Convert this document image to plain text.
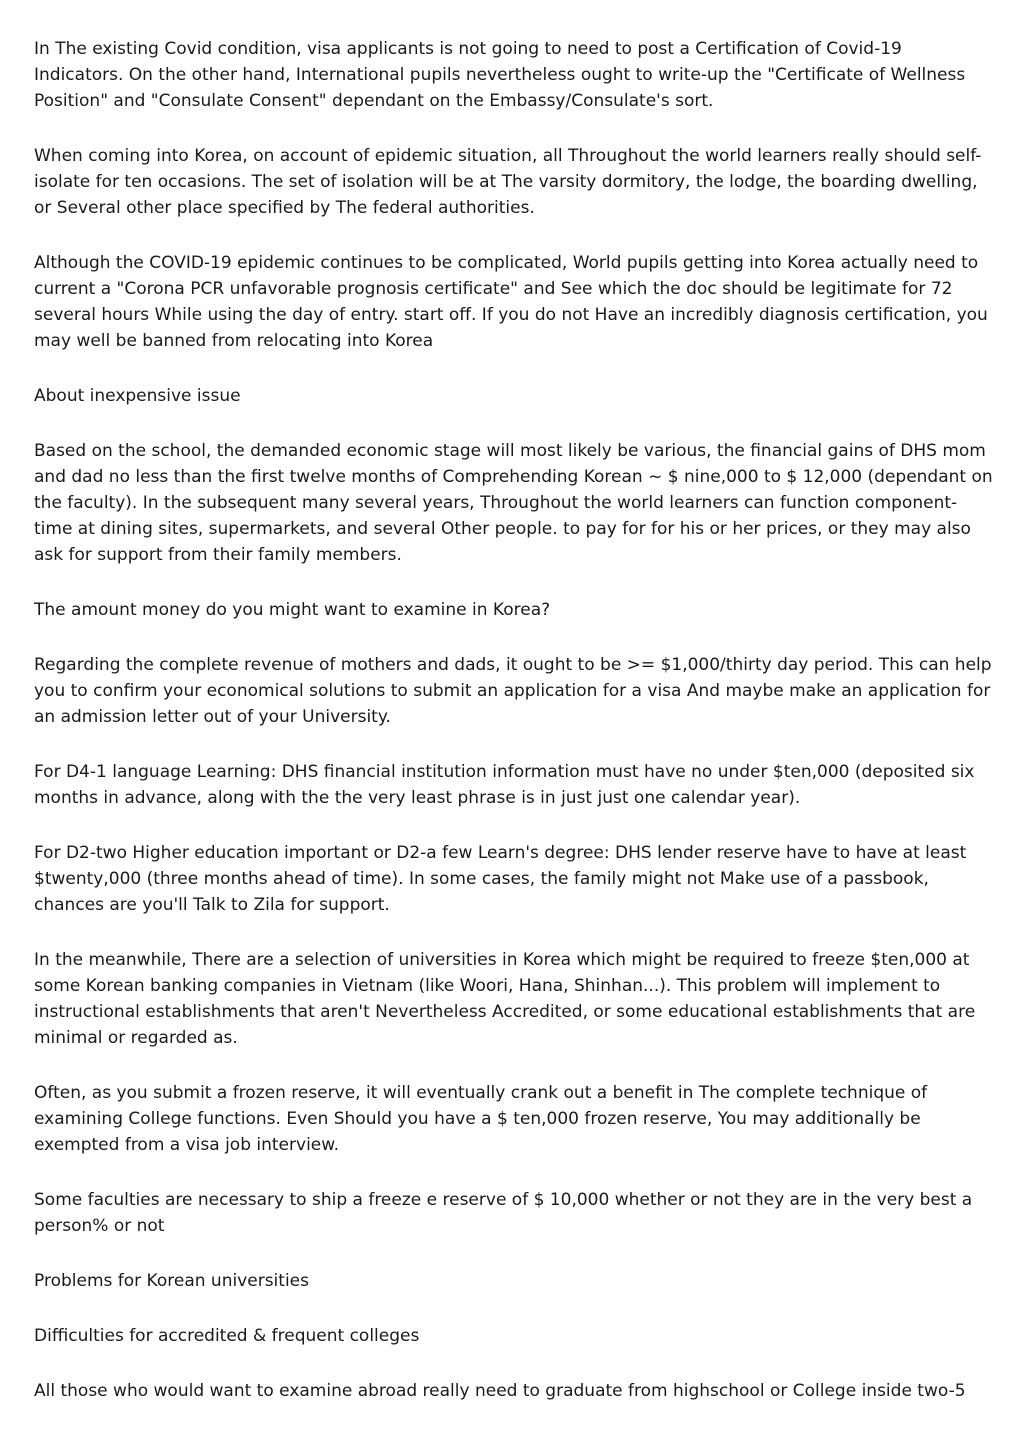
In The existing Covid condition, visa applicants is not going to need to post a Certification of Covid-19 Indicators. On the other hand, International pupils nevertheless ought to write-up the "Certificate of Wellness Position" and "Consulate Consent" dependant on the Embassy/Consulate's sort.

When coming into Korea, on account of epidemic situation, all Throughout the world learners really should self-isolate for ten occasions. The set of isolation will be at The varsity dormitory, the lodge, the boarding dwelling, or Several other place specified by The federal authorities.

Although the COVID-19 epidemic continues to be complicated, World pupils getting into Korea actually need to current a "Corona PCR unfavorable prognosis certificate" and See which the doc should be legitimate for 72 several hours While using the day of entry. start off. If you do not Have an incredibly diagnosis certification, you may well be banned from relocating into Korea

About inexpensive issue

Based on the school, the demanded economic stage will most likely be various, the financial gains of DHS mom and dad no less than the first twelve months of Comprehending Korean ~ $ nine,000 to $ 12,000 (dependant on the faculty). In the subsequent many several years, Throughout the world learners can function component-time at dining sites, supermarkets, and several Other people. to pay for for his or her prices, or they may also ask for support from their family members.

The amount money do you might want to examine in Korea?

Regarding the complete revenue of mothers and dads, it ought to be >= $1,000/thirty day period. This can help you to confirm your economical solutions to submit an application for a visa And maybe make an application for an admission letter out of your University.

For D4-1 language Learning: DHS financial institution information must have no under $ten,000 (deposited six months in advance, along with the the very least phrase is in just just one calendar year).

For D2-two Higher education important or D2-a few Learn's degree: DHS lender reserve have to have at least $twenty,000 (three months ahead of time). In some cases, the family might not Make use of a passbook, chances are you'll Talk to Zila for support.

In the meanwhile, There are a selection of universities in Korea which might be required to freeze $ten,000 at some Korean banking companies in Vietnam (like Woori, Hana, Shinhan...). This problem will implement to instructional establishments that aren't Nevertheless Accredited, or some educational establishments that are minimal or regarded as.

Often, as you submit a frozen reserve, it will eventually crank out a benefit in The complete technique of examining College functions. Even Should you have a $ ten,000 frozen reserve, You may additionally be exempted from a visa job interview.

Some faculties are necessary to ship a freeze e reserve of $ 10,000 whether or not they are in the very best a person% or not

Problems for Korean universities

Difficulties for accredited & frequent colleges

All those who would want to examine abroad really need to graduate from highschool or College inside two-5
